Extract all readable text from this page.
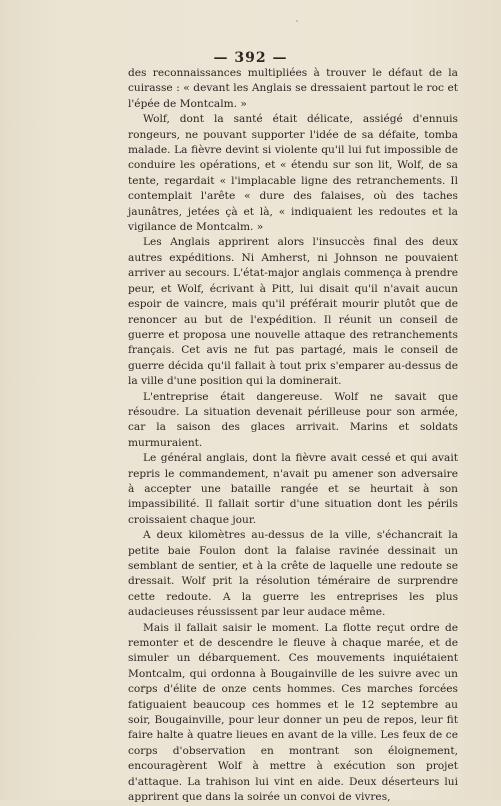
— 392 —

des reconnaissances multipliées à trouver le défaut de la cuirasse : « devant les Anglais se dressaient partout le roc et l'épée de Montcalm. »

Wolf, dont la santé était délicate, assiégé d'ennuis rongeurs, ne pouvant supporter l'idée de sa défaite, tomba malade. La fièvre devint si violente qu'il lui fut impossible de conduire les opérations, et « étendu sur son lit, Wolf, de sa tente, regardait « l'implacable ligne des retranchements. Il contemplait l'arête « dure des falaises, où des taches jaunâtres, jetées çà et là, « indiquaient les redoutes et la vigilance de Montcalm. »

Les Anglais apprirent alors l'insuccès final des deux autres expéditions. Ni Amherst, ni Johnson ne pouvaient arriver au secours. L'état-major anglais commença à prendre peur, et Wolf, écrivant à Pitt, lui disait qu'il n'avait aucun espoir de vaincre, mais qu'il préférait mourir plutôt que de renoncer au but de l'expédition. Il réunit un conseil de guerre et proposa une nouvelle attaque des retranchements français. Cet avis ne fut pas partagé, mais le conseil de guerre décida qu'il fallait à tout prix s'emparer au-dessus de la ville d'une position qui la dominerait.

L'entreprise était dangereuse. Wolf ne savait que résoudre. La situation devenait périlleuse pour son armée, car la saison des glaces arrivait. Marins et soldats murmuraient.

Le général anglais, dont la fièvre avait cessé et qui avait repris le commandement, n'avait pu amener son adversaire à accepter une bataille rangée et se heurtait à son impassibilité. Il fallait sortir d'une situation dont les périls croissaient chaque jour.

A deux kilomètres au-dessus de la ville, s'échancrait la petite baie Foulon dont la falaise ravinée dessinait un semblant de sentier, et à la crête de laquelle une redoute se dressait. Wolf prit la résolution téméraire de surprendre cette redoute. A la guerre les entreprises les plus audacieuses réussissent par leur audace même.

Mais il fallait saisir le moment. La flotte reçut ordre de remonter et de descendre le fleuve à chaque marée, et de simuler un débarquement. Ces mouvements inquiétaient Montcalm, qui ordonna à Bougainville de les suivre avec un corps d'élite de onze cents hommes. Ces marches forcées fatiguaient beaucoup ces hommes et le 12 septembre au soir, Bougainville, pour leur donner un peu de repos, leur fit faire halte à quatre lieues en avant de la ville. Les feux de ce corps d'observation en montrant son éloignement, encouragèrent Wolf à mettre à exécution son projet d'attaque. La trahison lui vint en aide. Deux déserteurs lui apprirent que dans la soirée un convoi de vivres,
